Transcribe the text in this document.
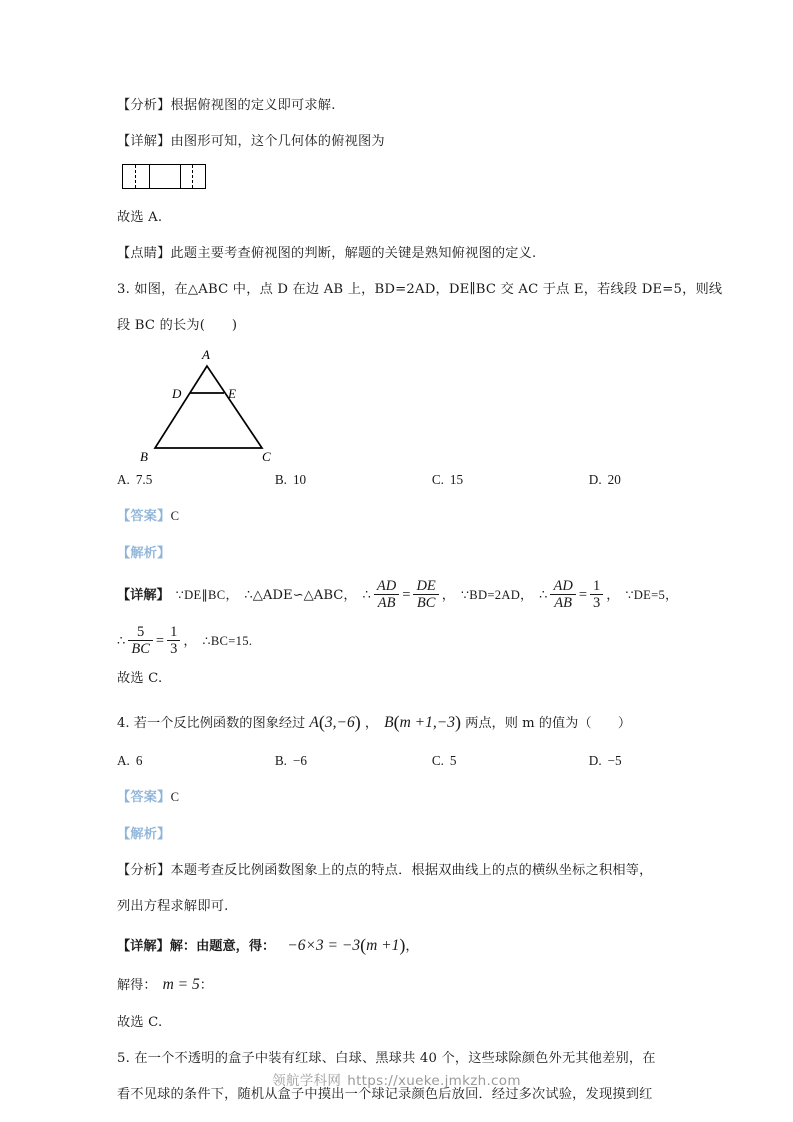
【分析】根据俯视图的定义即可求解.

【详解】由图形可知，这个几何体的俯视图为

故选 A.

【点睛】此题主要考查俯视图的判断，解题的关键是熟知俯视图的定义.

3. 如图，在△ABC 中，点 D 在边 AB 上，BD=2AD，DE∥BC 交 AC 于点 E，若线段 DE=5，则线

段 BC 的长为(　　)

A
D	E
B	C
A. 7.5	B. 10	C. 15	D. 20

【答案】C

【解析】

【详解】 ∵DE∥BC， ∴△ADE∽△ABC， ∴ $\frac{AD}{AB} = \frac{DE}{BC}$ ， ∵BD=2AD， ∴ $\frac{AD}{AB} = \frac{1}{3}$ ， ∵DE=5，
∴ $\frac{5}{BC} = \frac{1}{3}$ ， ∴BC=15.

故选 C.

4. 若一个反比例函数的图象经过 A(3,−6) ， B(m +1,−3) 两点，则 m 的值为（　　）
A. 6	B. −6	C. 5	D. −5

【答案】C

【解析】

【分析】本题考查反比例函数图象上的点的特点．根据双曲线上的点的横纵坐标之积相等，

列出方程求解即可.

【详解】解：由题意，得： −6×3 = −3(m +1)，
解得： m = 5：

故选 C.

5. 在一个不透明的盒子中装有红球、白球、黑球共 40 个，这些球除颜色外无其他差别，在

看不见球的条件下，随机从盒子中摸出一个球记录颜色后放回．经过多次试验，发现摸到红

领航学科网 https://xueke.jmkzh.com
